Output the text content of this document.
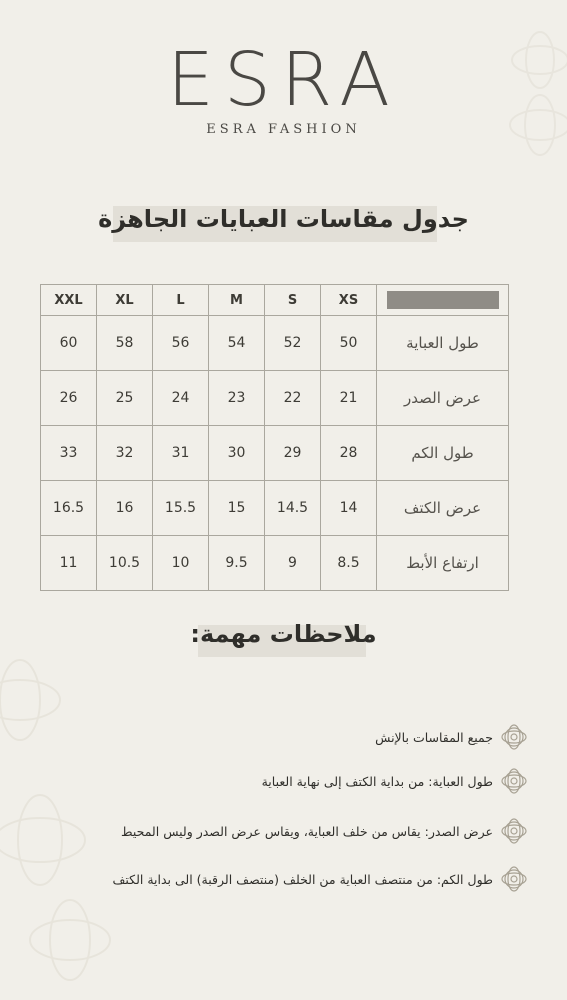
ESRA
ESRA FASHION
جدول مقاسات العبايات الجاهزة
XXL	XL	L	M	S	XS	
60	58	56	54	52	50	طول العباية
26	25	24	23	22	21	عرض الصدر
33	32	31	30	29	28	طول الكم
16.5	16	15.5	15	14.5	14	عرض الكتف
11	10.5	10	9.5	9	8.5	ارتفاع الأبط
ملاحظات مهمة:
جميع المقاسات بالإنش
طول العباية: من بداية الكتف إلى نهاية العباية
عرض الصدر: يقاس من خلف العباية، ويقاس عرض الصدر وليس المحيط
طول الكم: من منتصف العباية من الخلف (منتصف الرقبة) الى بداية الكتف
